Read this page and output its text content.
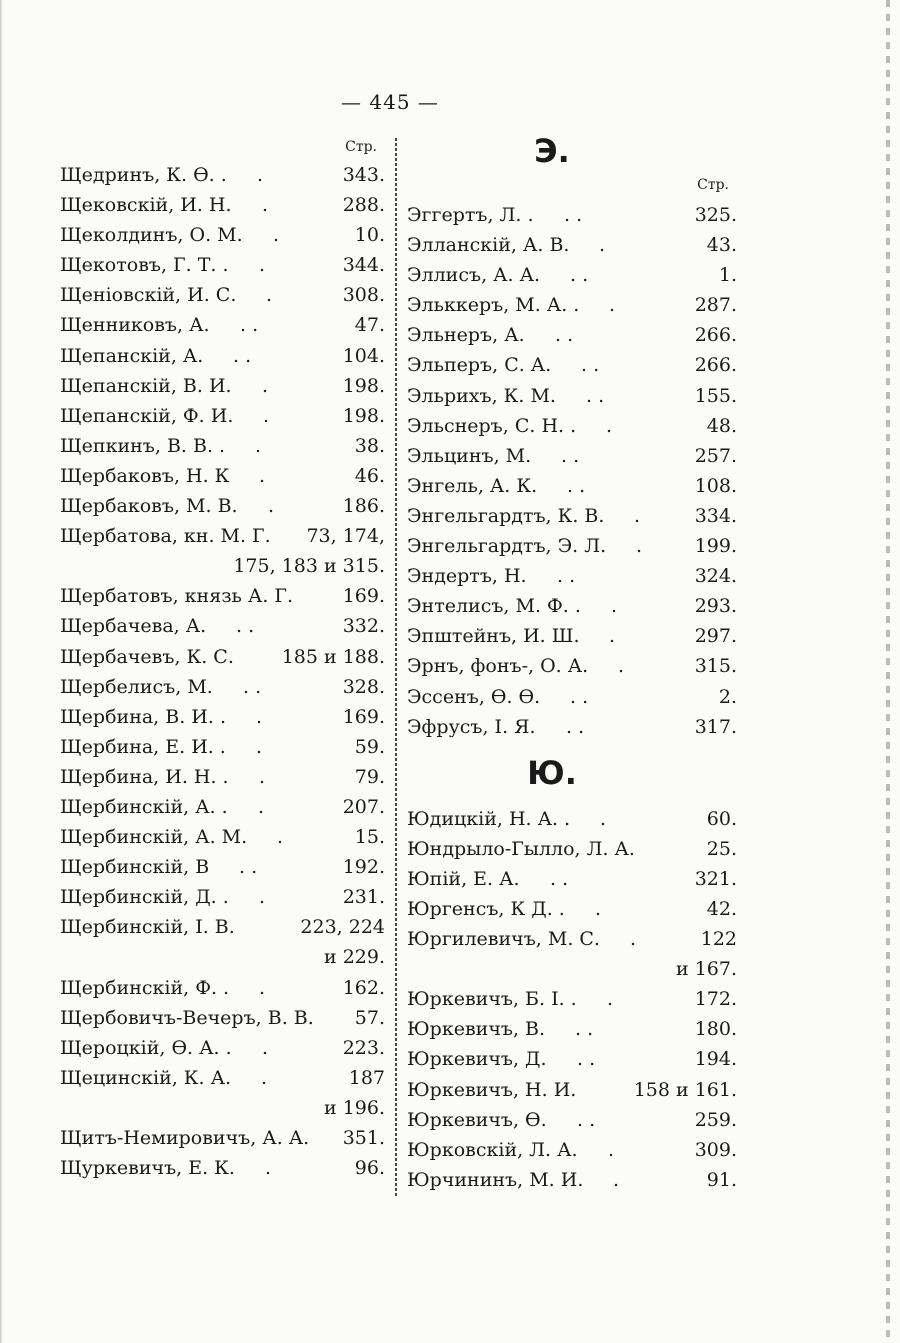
— 445 —
Стр.
Щедринъ, К. Ѳ. . .	343.
Щековскій, И. Н. .	288.
Щеколдинъ, О. М. .	10.
Щекотовъ, Г. Т. . .	344.
Щеніовскій, И. С. .	308.
Щенниковъ, А. . .	47.
Щепанскій, А. . .	104.
Щепанскій, В. И. .	198.
Щепанскій, Ф. И. .	198.
Щепкинъ, В. В. . .	38.
Щербаковъ, Н. К .	46.
Щербаковъ, М. В. .	186.
Щербатова, кн. М. Г. 73, 174,
175, 183 и 315.
Щербатовъ, князь А. Г.	169.
Щербачева, А. . .	332.
Щербачевъ, К. С.	185 и 188.
Щербелисъ, М. . .	328.
Щербина, В. И. . .	169.
Щербина, Е. И. . .	59.
Щербина, И. Н. . .	79.
Щербинскій, А. . .	207.
Щербинскій, А. М. .	15.
Щербинскій, В . .	192.
Щербинскій, Д. . .	231.
Щербинскій, І. В.	223, 224
и 229.
Щербинскій, Ф. . .	162.
Щербовичъ-Вечеръ, В. В. 57.
Щероцкій, Ѳ. А. . .	223.
Щецинскій, К. А. .	187
и 196.
Щитъ-Немировичъ, А. А. 351.
Щуркевичъ, Е. К. .	96.
Э.
Стр.
Эггертъ, Л. . . .	325.
Элланскій, А. В. .	43.
Эллисъ, А. А. . .	1.
Эльккеръ, М. А. . .	287.
Эльнеръ, А. . .	266.
Эльперъ, С. А. . .	266.
Эльрихъ, К. М. . .	155.
Эльснеръ, С. Н. . .	48.
Эльцинъ, М. . .	257.
Энгель, А. К. . .	108.
Энгельгардтъ, К. В. .	334.
Энгельгардтъ, Э. Л. .	199.
Эндертъ, Н. . .	324.
Энтелисъ, М. Ф. . .	293.
Эпштейнъ, И. Ш. .	297.
Эрнъ, фонъ-, О. А. .	315.
Эссенъ, Ѳ. Ѳ. . .	2.
Эфрусъ, І. Я. . .	317.
Ю.
Юдицкій, Н. А. . .	60.
Юндрыло-Гылло, Л. А.	25.
Юпій, Е. А. . .	321.
Юргенсъ, К Д. . .	42.
Юргилевичъ, М. С. .	122
и 167.
Юркевичъ, Б. І. . .	172.
Юркевичъ, В. . .	180.
Юркевичъ, Д. . .	194.
Юркевичъ, Н. И.	158 и 161.
Юркевичъ, Ѳ. . .	259.
Юрковскій, Л. А. .	309.
Юрчининъ, М. И. .	91.
